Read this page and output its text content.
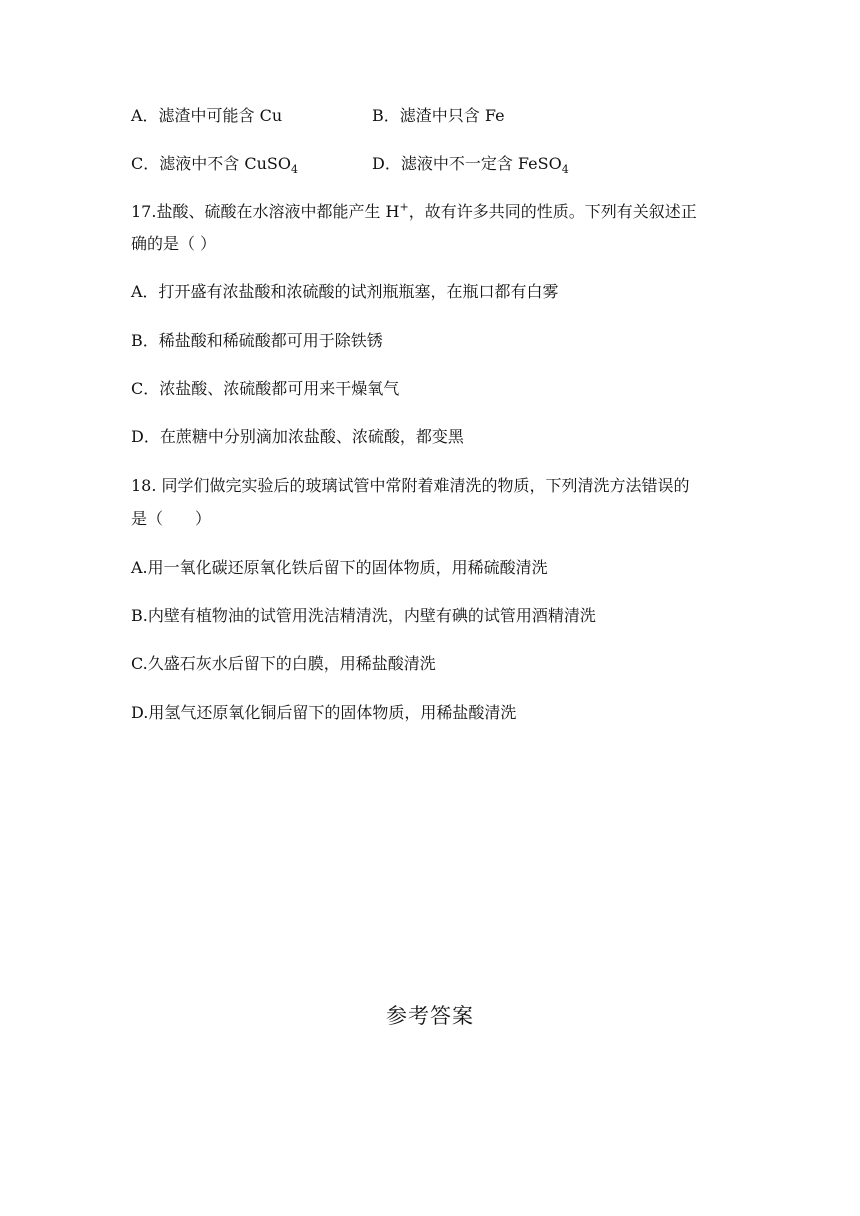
A．滤渣中可能含 Cu	B．滤渣中只含 Fe
C．滤液中不含 CuSO$_4$	D．滤液中不一定含 FeSO$_4$
17.盐酸、硫酸在水溶液中都能产生 H+，故有许多共同的性质。下列有关叙述正
确的是（ ）
A．打开盛有浓盐酸和浓硫酸的试剂瓶瓶塞，在瓶口都有白雾
B．稀盐酸和稀硫酸都可用于除铁锈
C．浓盐酸、浓硫酸都可用来干燥氧气
D．在蔗糖中分别滴加浓盐酸、浓硫酸，都变黑
18. 同学们做完实验后的玻璃试管中常附着难清洗的物质，下列清洗方法错误的
是（　　）
A.用一氧化碳还原氧化铁后留下的固体物质，用稀硫酸清洗
B.内壁有植物油的试管用洗洁精清洗，内壁有碘的试管用酒精清洗
C.久盛石灰水后留下的白膜，用稀盐酸清洗
D.用氢气还原氧化铜后留下的固体物质，用稀盐酸清洗
参考答案
